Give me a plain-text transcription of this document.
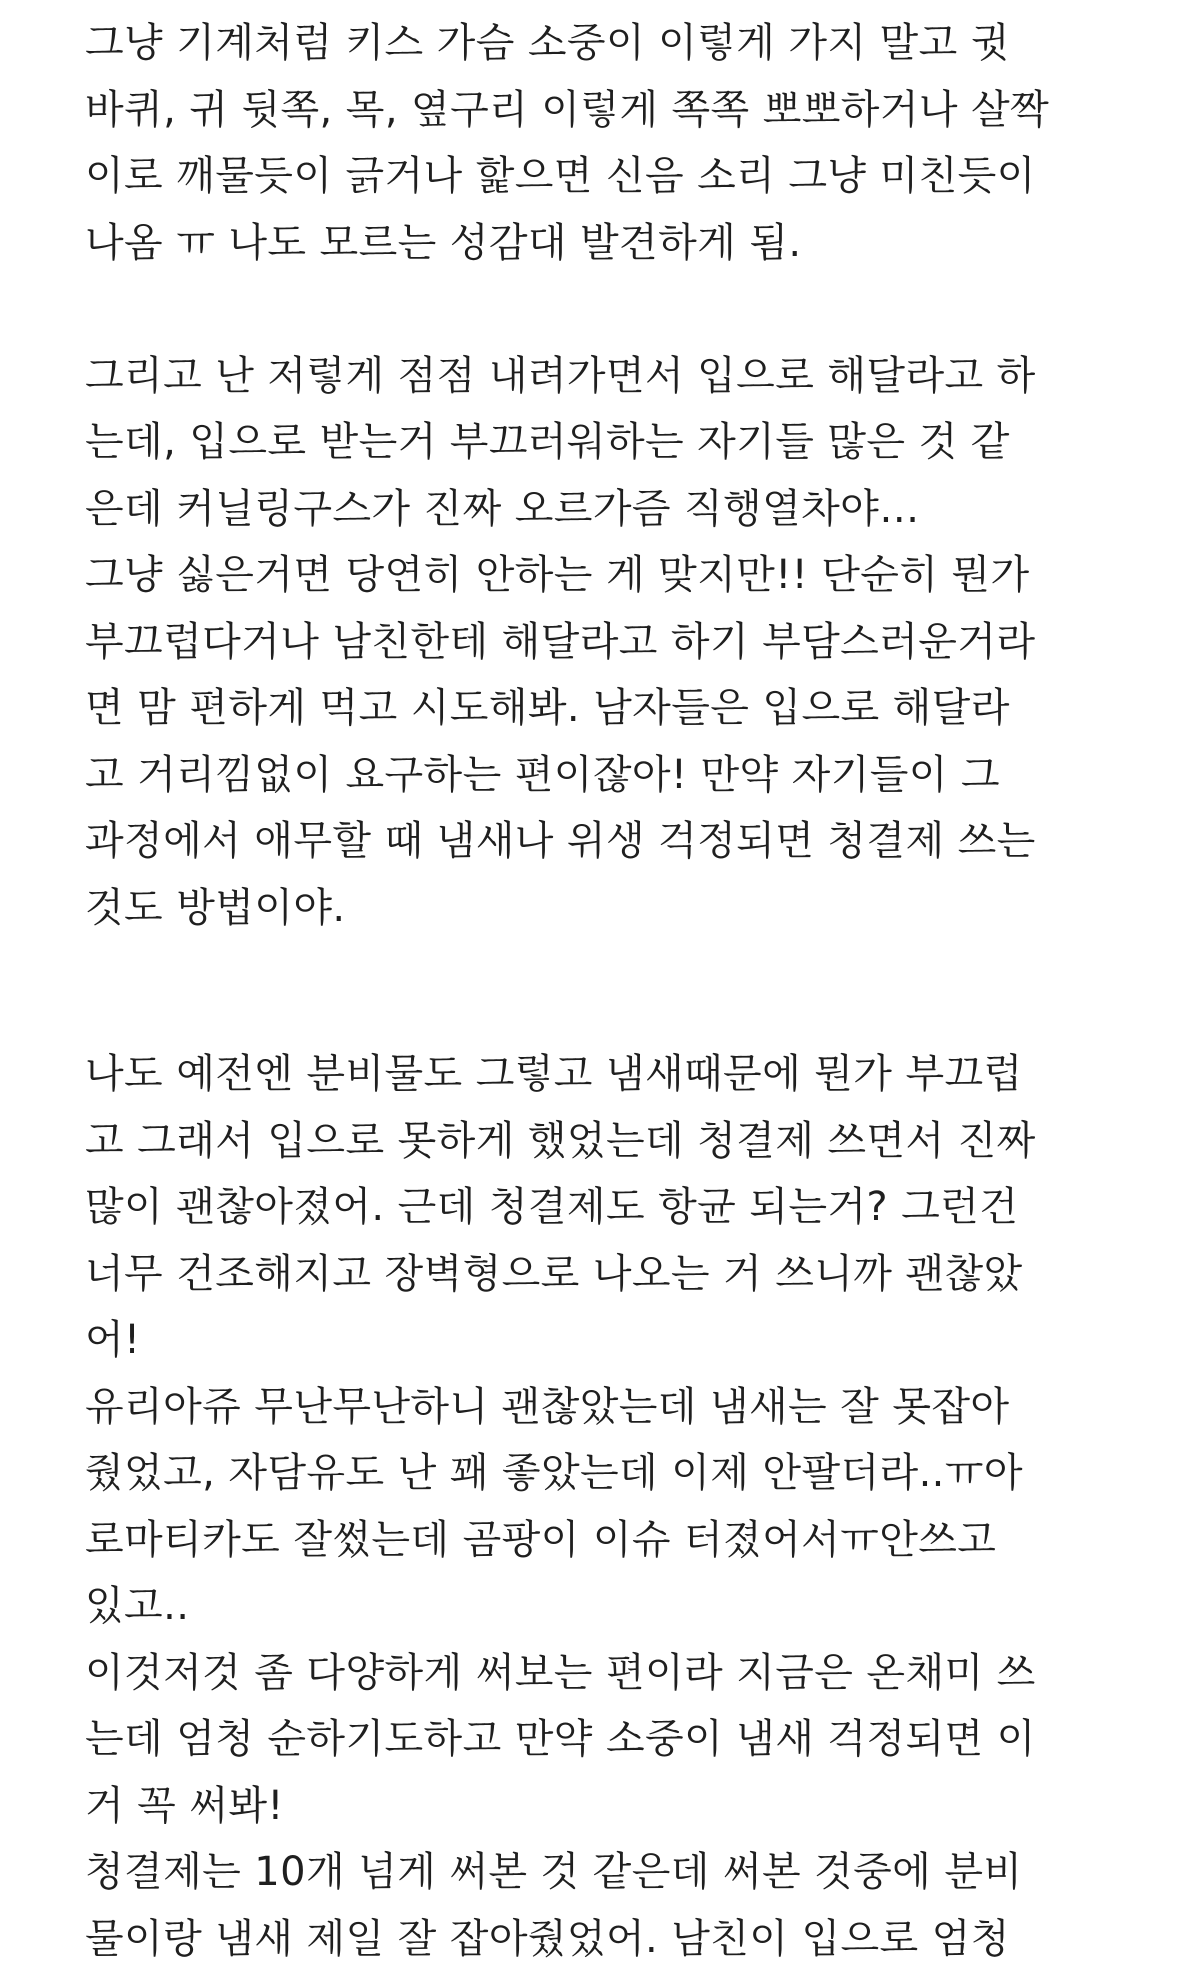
그냥 기계처럼 키스 가슴 소중이 이렇게 가지 말고 귓
바퀴, 귀 뒷쪽, 목, 옆구리 이렇게 쪽쪽 뽀뽀하거나 살짝
이로 깨물듯이 긁거나 핥으면 신음 소리 그냥 미친듯이
나옴 ㅠ 나도 모르는 성감대 발견하게 됨.
그리고 난 저렇게 점점 내려가면서 입으로 해달라고 하
는데, 입으로 받는거 부끄러워하는 자기들 많은 것 같
은데 커닐링구스가 진짜 오르가즘 직행열차야…
그냥 싫은거면 당연히 안하는 게 맞지만!! 단순히 뭔가
부끄럽다거나 남친한테 해달라고 하기 부담스러운거라
면 맘 편하게 먹고 시도해봐. 남자들은 입으로 해달라
고 거리낌없이 요구하는 편이잖아! 만약 자기들이 그
과정에서 애무할 때 냄새나 위생 걱정되면 청결제 쓰는
것도 방법이야.
나도 예전엔 분비물도 그렇고 냄새때문에 뭔가 부끄럽
고 그래서 입으로 못하게 했었는데 청결제 쓰면서 진짜
많이 괜찮아졌어. 근데 청결제도 항균 되는거? 그런건
너무 건조해지고 장벽형으로 나오는 거 쓰니까 괜찮았
어!
유리아쥬 무난무난하니 괜찮았는데 냄새는 잘 못잡아
줬었고, 자담유도 난 꽤 좋았는데 이제 안팔더라..ㅠ아
로마티카도 잘썼는데 곰팡이 이슈 터졌어서ㅠ안쓰고
있고..
이것저것 좀 다양하게 써보는 편이라 지금은 온채미 쓰
는데 엄청 순하기도하고 만약 소중이 냄새 걱정되면 이
거 꼭 써봐!
청결제는 10개 넘게 써본 것 같은데 써본 것중에 분비
물이랑 냄새 제일 잘 잡아줬었어. 남친이 입으로 엄청
